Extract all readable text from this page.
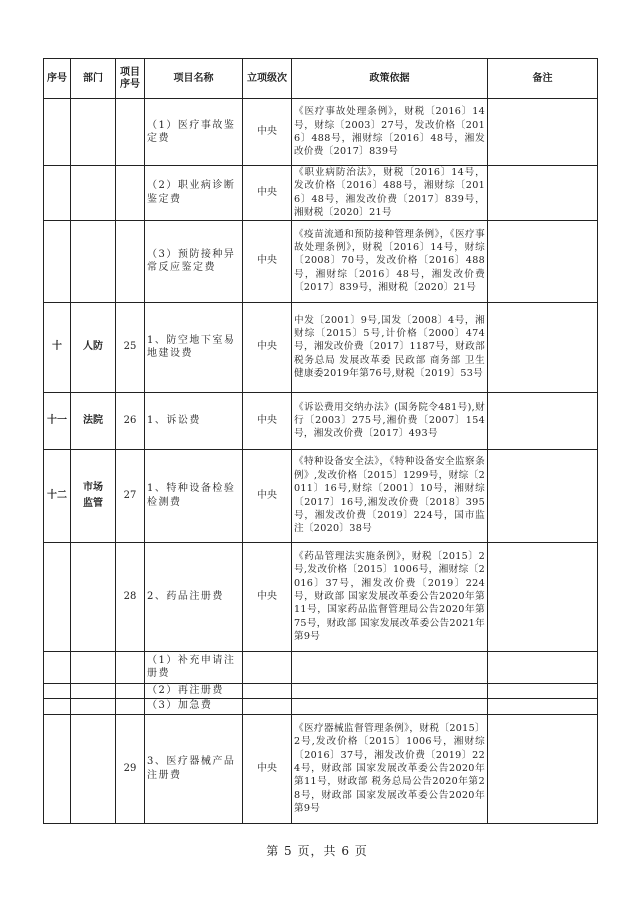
序号	部门	项目序号	项目名称	立项级次	政策依据	备注
			（1）医疗事故鉴定费	中央	《医疗事故处理条例》，财税〔2016〕14号，财综〔2003〕27号，发改价格〔2016〕488号，湘财综〔2016〕48号，湘发改价费〔2017〕839号	
			（2）职业病诊断鉴定费	中央	《职业病防治法》，财税〔2016〕14号，发改价格〔2016〕488号，湘财综〔2016〕48号，湘发改价费〔2017〕839号，湘财税〔2020〕21号	
			（3）预防接种异常反应鉴定费	中央	《疫苗流通和预防接种管理条例》，《医疗事故处理条例》，财税〔2016〕14号，财综〔2008〕70号，发改价格〔2016〕488号，湘财综〔2016〕48号，湘发改价费〔2017〕839号，湘财税〔2020〕21号	
十	人防	25	1、防空地下室易地建设费	中央	中发〔2001〕9号,国发〔2008〕4号，湘财综〔2015〕5号,计价格〔2000〕474号，湘发改价费〔2017〕1187号，财政部 税务总局 发展改革委 民政部 商务部 卫生健康委2019年第76号,财税〔2019〕53号	
十一	法院	26	1、诉讼费	中央	《诉讼费用交纳办法》(国务院令481号),财行〔2003〕275号,湘价费〔2007〕154号，湘发改价费〔2017〕493号	
十二	市场监管	27	1、特种设备检验检测费	中央	《特种设备安全法》，《特种设备安全监察条例》,发改价格〔2015〕1299号，财综〔2011〕16号,财综〔2001〕10号，湘财综〔2017〕16号,湘发改价费〔2018〕395号，湘发改价费〔2019〕224号，国市监注〔2020〕38号	
		28	2、药品注册费	中央	《药品管理法实施条例》，财税〔2015〕2号,发改价格〔2015〕1006号，湘财综〔2016〕37号，湘发改价费〔2019〕224号，财政部 国家发展改革委公告2020年第11号，国家药品监督管理局公告2020年第75号，财政部 国家发展改革委公告2021年第9号	
			（1）补充申请注册费			
			（2）再注册费			
			（3）加急费			
		29	3、医疗器械产品注册费	中央	《医疗器械监督管理条例》，财税〔2015〕2号,发改价格〔2015〕1006号，湘财综〔2016〕37号，湘发改价费〔2019〕224号，财政部 国家发展改革委公告2020年第11号，财政部 税务总局公告2020年第28号，财政部 国家发展改革委公告2020年第9号	
第 5 页，共 6 页
